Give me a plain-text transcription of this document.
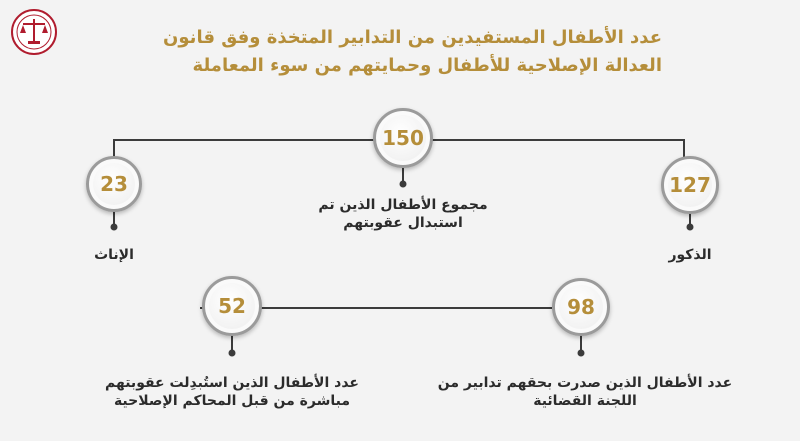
عدد الأطفال المستفيدين من التدابير المتخذة وفق قانون
العدالة الإصلاحية للأطفال وحمايتهم من سوء المعاملة
150
23	127
52	98
مجموع الأطفال الذين تم
استبدال عقوبتهم
الإناث	الذكور
عدد الأطفال الذين استُبدِلت عقوبتهم
مباشرة من قبل المحاكم الإصلاحية
عدد الأطفال الذين صدرت بحقهم تدابير من
اللجنة القضائية
